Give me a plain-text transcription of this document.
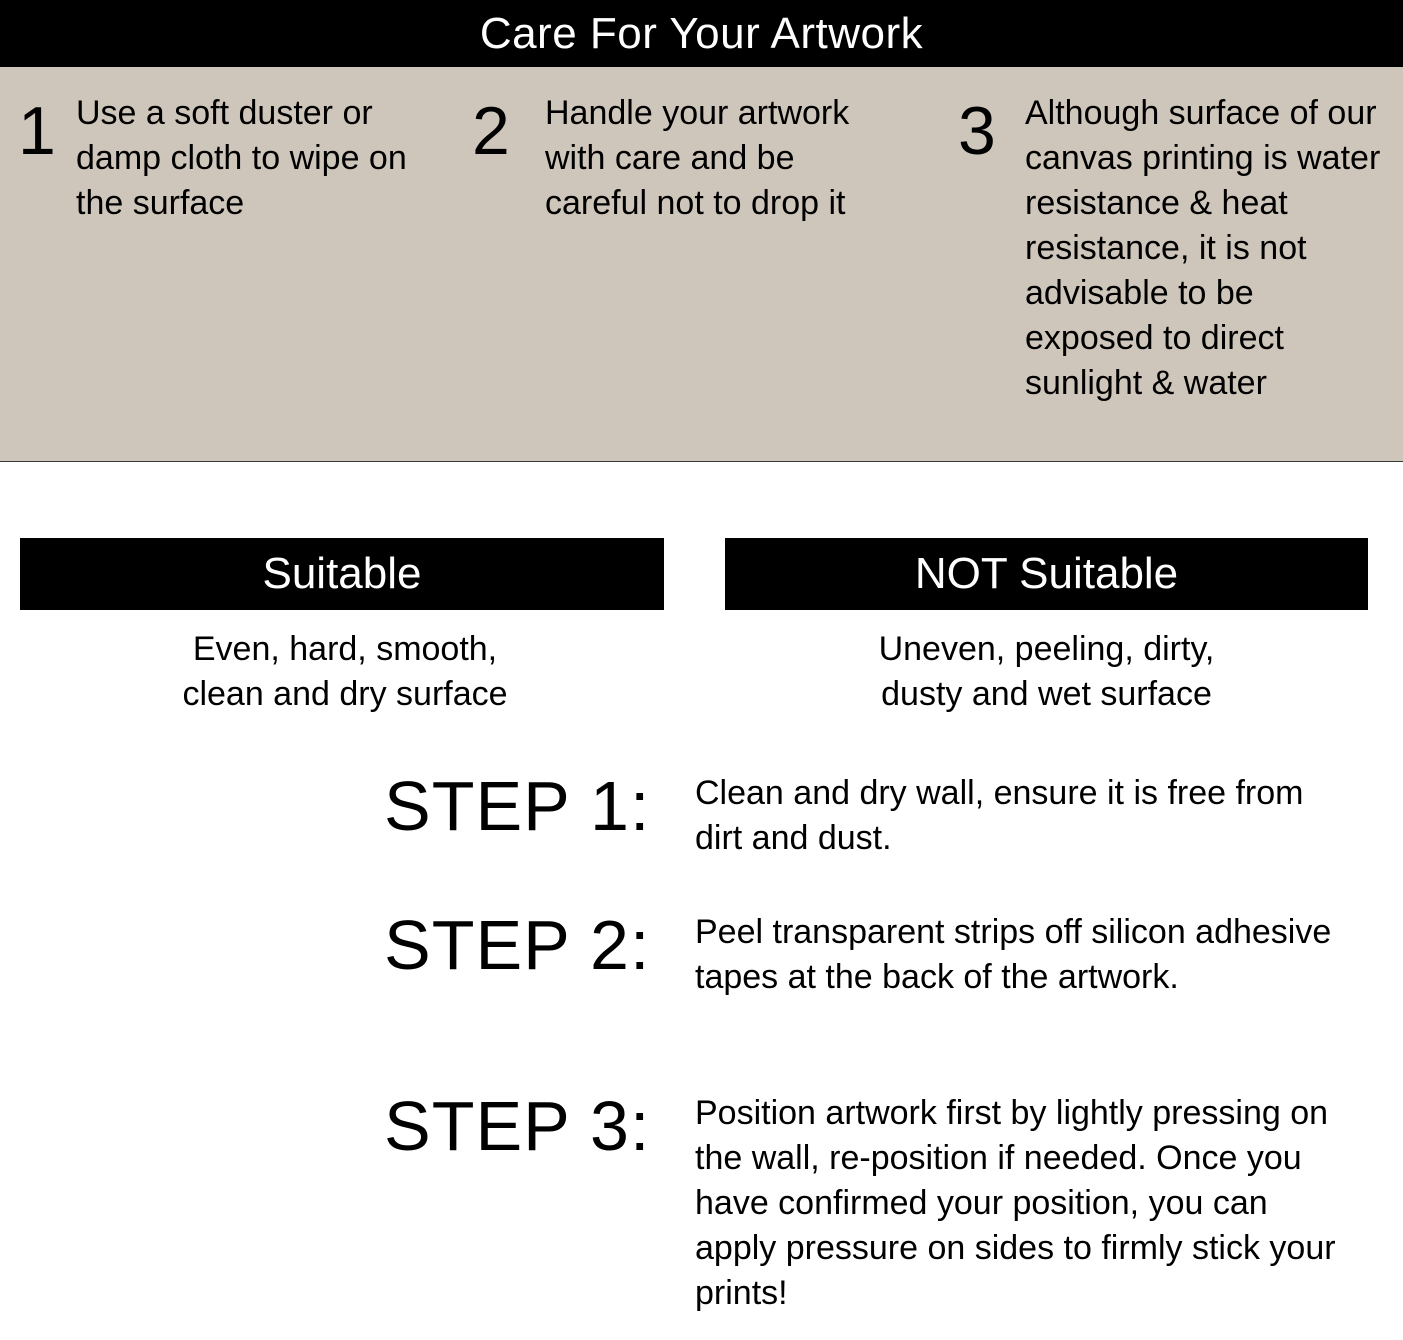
Care For Your Artwork
1 Use a soft duster or damp cloth to wipe on the surface
2 Handle your artwork with care and be careful not to drop it
3 Although surface of our canvas printing is water resistance & heat resistance, it is not advisable to be exposed to direct sunlight & water
Suitable	NOT Suitable
Even, hard, smooth,
clean and dry surface
Uneven, peeling, dirty,
dusty and wet surface
STEP 1: Clean and dry wall, ensure it is free from dirt and dust.
STEP 2: Peel transparent strips off silicon adhesive tapes at the back of the artwork.
STEP 3: Position artwork first by lightly pressing on the wall, re-position if needed. Once you have confirmed your position, you can apply pressure on sides to firmly stick your prints!
